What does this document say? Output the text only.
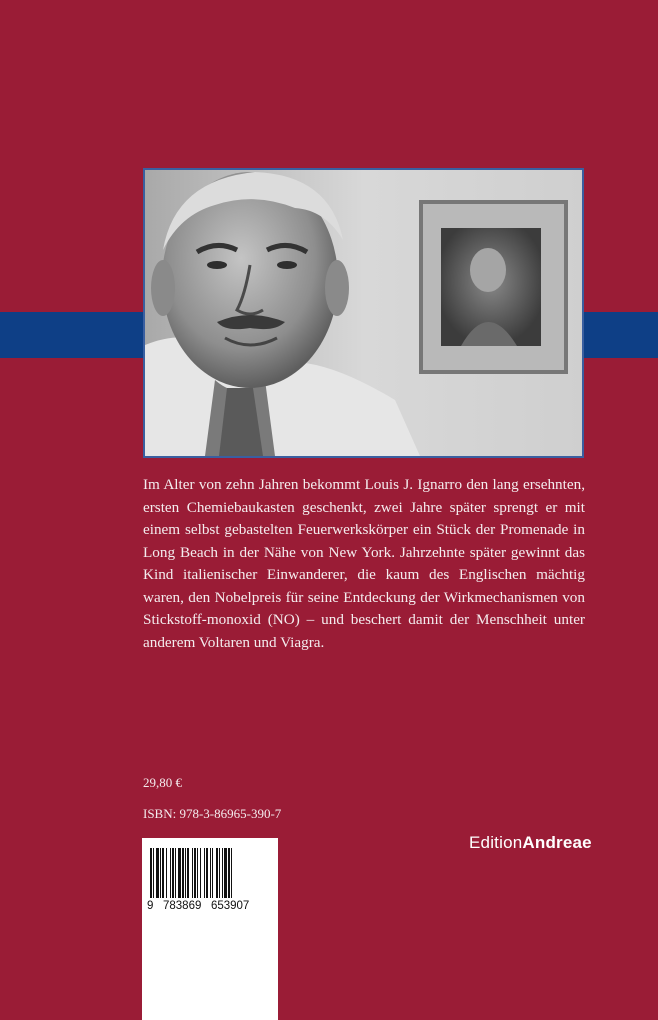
Im Alter von zehn Jahren bekommt Louis J. Ignarro den lang ersehnten, ersten Chemiebaukasten geschenkt, zwei Jahre später sprengt er mit einem selbst gebastelten Feuerwerkskörper ein Stück der Promenade in Long Beach in der Nähe von New York. Jahrzehnte später gewinnt das Kind italienischer Einwanderer, die kaum des Englischen mächtig waren, den Nobelpreis für seine Entdeckung der Wirkmechanismen von Stickstoff-monoxid (NO) – und beschert damit der Menschheit unter anderem Voltaren und Viagra.

29,80 €
ISBN: 978-3-86965-390-7
EditionAndreae
9   783869   653907
